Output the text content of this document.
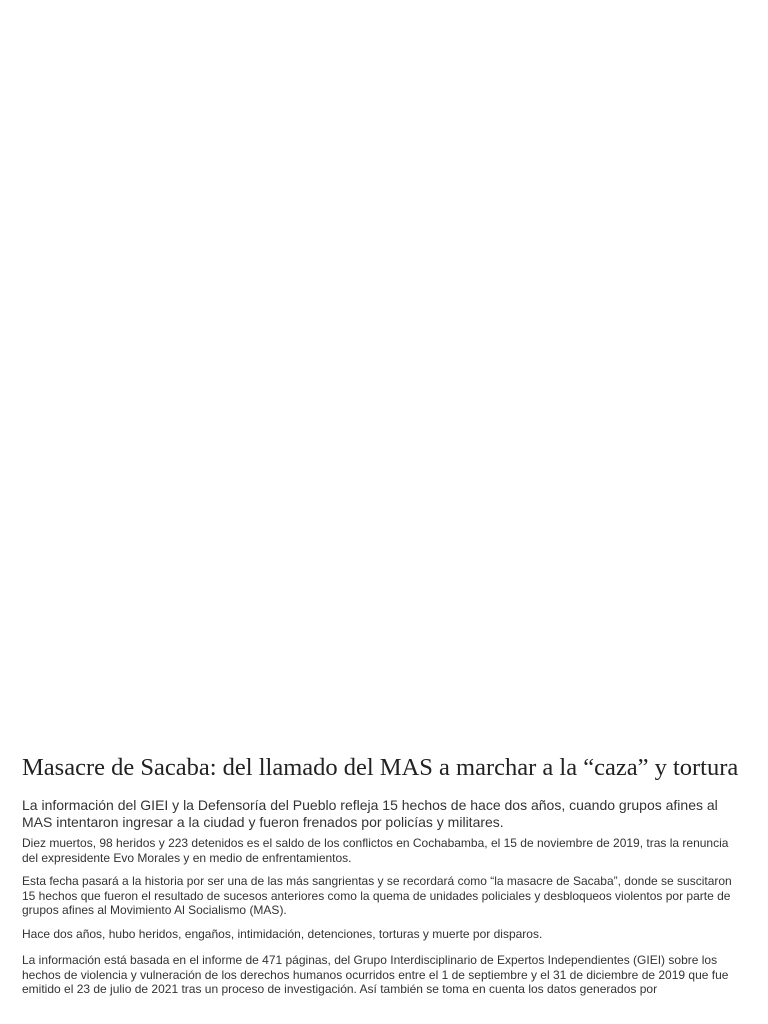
Masacre de Sacaba: del llamado del MAS a marchar a la “caza” y tortura

La información del GIEI y la Defensoría del Pueblo refleja 15 hechos de hace dos años, cuando grupos afines al MAS intentaron ingresar a la ciudad y fueron frenados por policías y militares.

Diez muertos, 98 heridos y 223 detenidos es el saldo de los conflictos en Cochabamba, el 15 de noviembre de 2019, tras la renuncia del expresidente Evo Morales y en medio de enfrentamientos.

Esta fecha pasará a la historia por ser una de las más sangrientas y se recordará como “la masacre de Sacaba”, donde se suscitaron 15 hechos que fueron el resultado de sucesos anteriores como la quema de unidades policiales y desbloqueos violentos por parte de grupos afines al Movimiento Al Socialismo (MAS).

Hace dos años, hubo heridos, engaños, intimidación, detenciones, torturas y muerte por disparos.

La información está basada en el informe de 471 páginas, del Grupo Interdisciplinario de Expertos Independientes (GIEI) sobre los hechos de violencia y vulneración de los derechos humanos ocurridos entre el 1 de septiembre y el 31 de diciembre de 2019 que fue emitido el 23 de julio de 2021 tras un proceso de investigación. Así también se toma en cuenta los datos generados por
